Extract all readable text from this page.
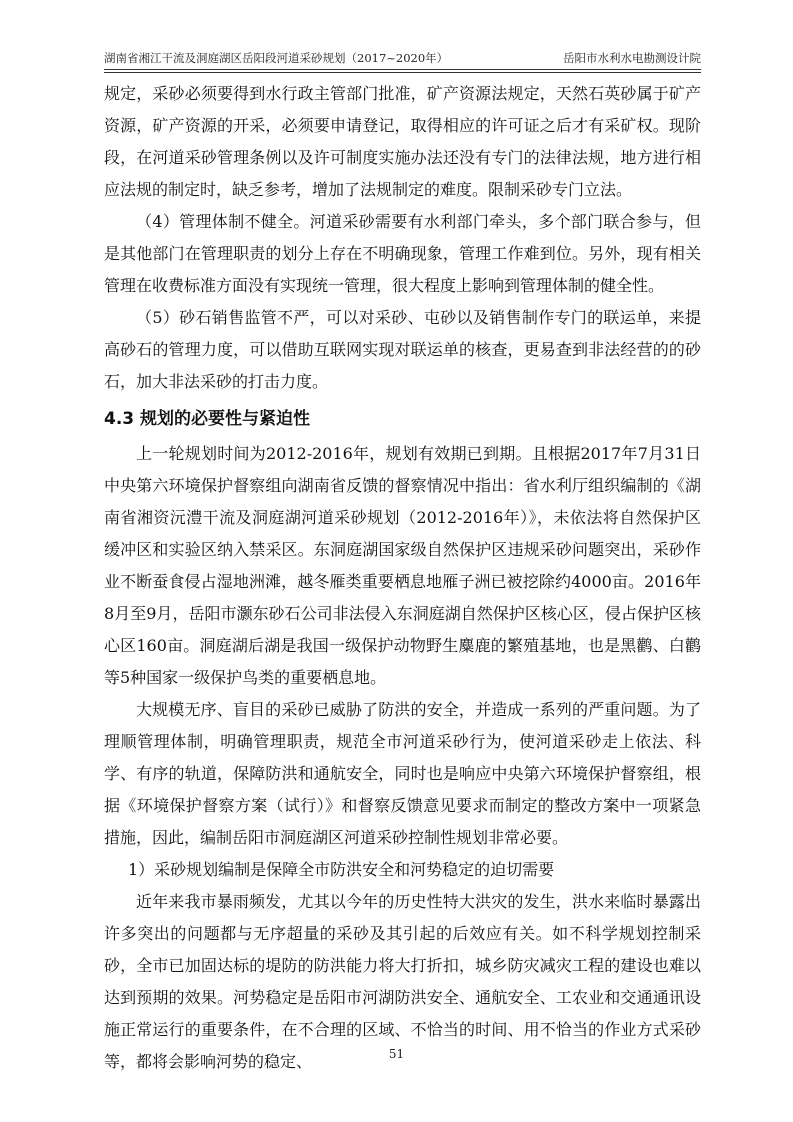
湖南省湘江干流及洞庭湖区岳阳段河道采砂规划（2017~2020年）	岳阳市水利水电勘测设计院

规定，采砂必须要得到水行政主管部门批准，矿产资源法规定，天然石英砂属于矿产资源，矿产资源的开采，必须要申请登记，取得相应的许可证之后才有采矿权。现阶段，在河道采砂管理条例以及许可制度实施办法还没有专门的法律法规，地方进行相应法规的制定时，缺乏参考，增加了法规制定的难度。限制采砂专门立法。

（4）管理体制不健全。河道采砂需要有水利部门牵头，多个部门联合参与，但是其他部门在管理职责的划分上存在不明确现象，管理工作难到位。另外，现有相关管理在收费标准方面没有实现统一管理，很大程度上影响到管理体制的健全性。

（5）砂石销售监管不严，可以对采砂、屯砂以及销售制作专门的联运单，来提高砂石的管理力度，可以借助互联网实现对联运单的核查，更易查到非法经营的的砂石，加大非法采砂的打击力度。

4.3 规划的必要性与紧迫性

上一轮规划时间为2012-2016年，规划有效期已到期。且根据2017年7月31日中央第六环境保护督察组向湖南省反馈的督察情况中指出：省水利厅组织编制的《湖南省湘资沅澧干流及洞庭湖河道采砂规划（2012-2016年）》，未依法将自然保护区缓冲区和实验区纳入禁采区。东洞庭湖国家级自然保护区违规采砂问题突出，采砂作业不断蚕食侵占湿地洲滩，越冬雁类重要栖息地雁子洲已被挖除约4000亩。2016年8月至9月，岳阳市灏东砂石公司非法侵入东洞庭湖自然保护区核心区，侵占保护区核心区160亩。洞庭湖后湖是我国一级保护动物野生麋鹿的繁殖基地，也是黑鹳、白鹳等5种国家一级保护鸟类的重要栖息地。

大规模无序、盲目的采砂已威胁了防洪的安全，并造成一系列的严重问题。为了理顺管理体制，明确管理职责，规范全市河道采砂行为，使河道采砂走上依法、科学、有序的轨道，保障防洪和通航安全，同时也是响应中央第六环境保护督察组，根据《环境保护督察方案（试行）》和督察反馈意见要求而制定的整改方案中一项紧急措施，因此，编制岳阳市洞庭湖区河道采砂控制性规划非常必要。

1）采砂规划编制是保障全市防洪安全和河势稳定的迫切需要

近年来我市暴雨频发，尤其以今年的历史性特大洪灾的发生，洪水来临时暴露出许多突出的问题都与无序超量的采砂及其引起的后效应有关。如不科学规划控制采砂，全市已加固达标的堤防的防洪能力将大打折扣，城乡防灾减灾工程的建设也难以达到预期的效果。河势稳定是岳阳市河湖防洪安全、通航安全、工农业和交通通讯设施正常运行的重要条件，在不合理的区域、不恰当的时间、用不恰当的作业方式采砂等，都将会影响河势的稳定、	51
